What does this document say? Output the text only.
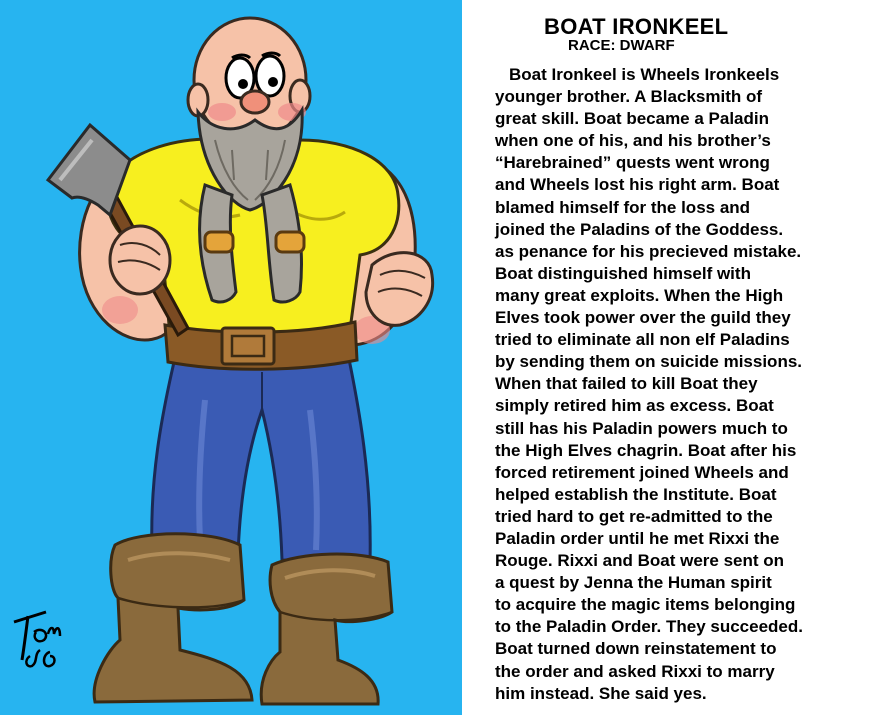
BOAT IRONKEEL
RACE: DWARF
Boat Ironkeel is Wheels Ironkeels
younger brother. A Blacksmith of
great skill. Boat became a Paladin
when one of his, and his brother’s
“Harebrained” quests went wrong
and Wheels lost his right arm. Boat
blamed himself for the loss and
joined the Paladins of the Goddess.
as penance for his precieved mistake.
Boat distinguished himself with
many great exploits. When the High
Elves took power over the guild they
tried to eliminate all non elf Paladins
by sending them on suicide missions.
When that failed to kill Boat they
simply retired him as excess. Boat
still has his Paladin powers much to
the High Elves chagrin. Boat after his
forced retirement joined Wheels and
helped establish the Institute. Boat
tried hard to get re-admitted to the
Paladin order until he met Rixxi the
Rouge. Rixxi and Boat were sent on
a quest by Jenna the Human spirit
to acquire the magic items belonging
to the Paladin Order. They succeeded.
Boat turned down reinstatement to
the order and asked Rixxi to marry
him instead. She said yes.
